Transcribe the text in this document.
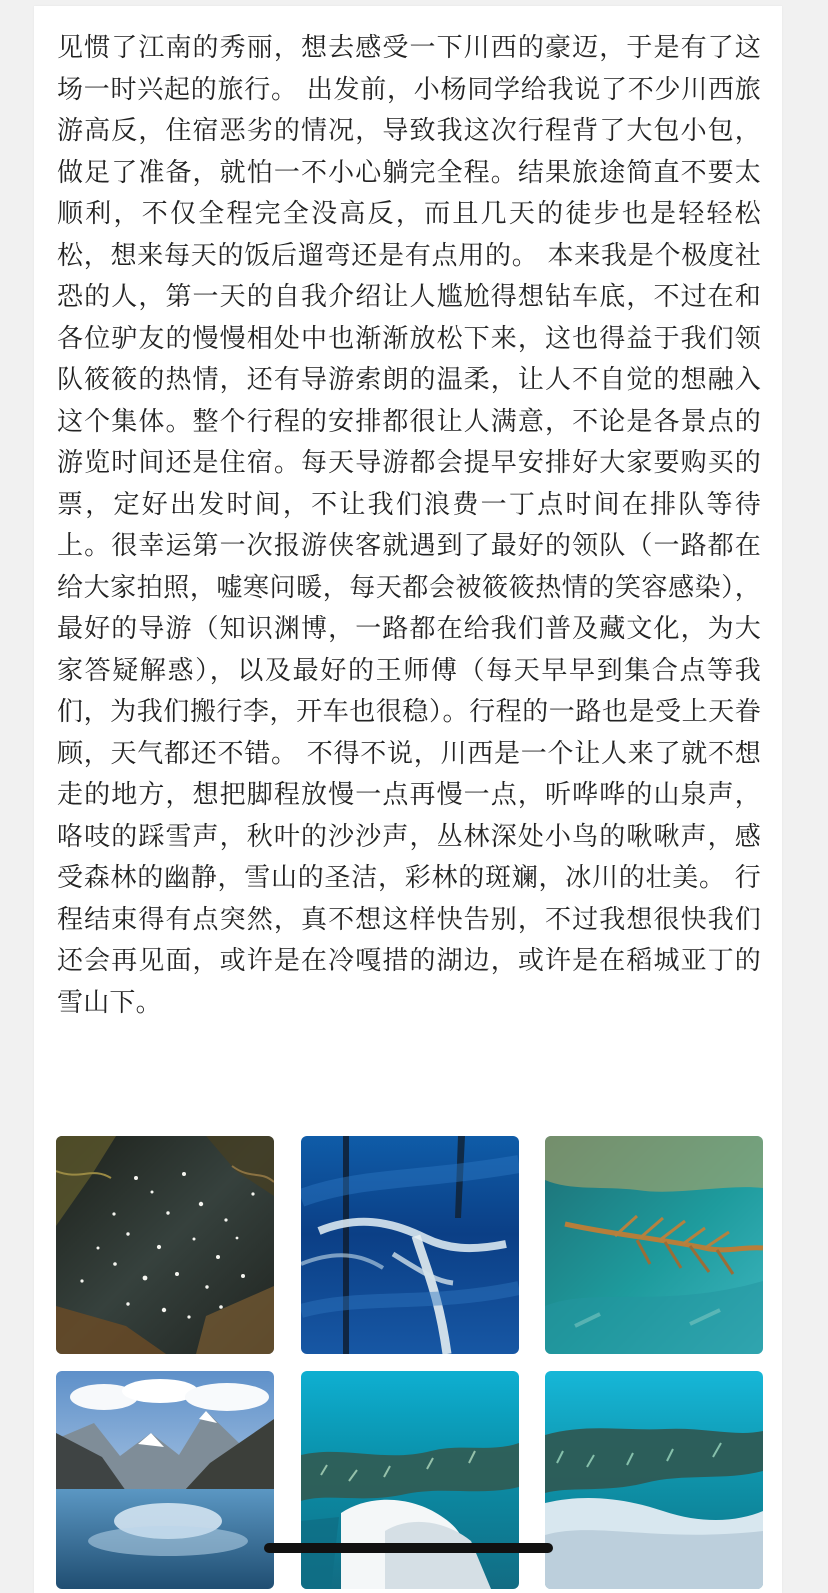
见惯了江南的秀丽，想去感受一下川西的豪迈，于是有了这场一时兴起的旅行。 出发前，小杨同学给我说了不少川西旅游高反，住宿恶劣的情况，导致我这次行程背了大包小包，做足了准备，就怕一不小心躺完全程。结果旅途简直不要太顺利，不仅全程完全没高反，而且几天的徒步也是轻轻松松，想来每天的饭后遛弯还是有点用的。 本来我是个极度社恐的人，第一天的自我介绍让人尴尬得想钻车底，不过在和各位驴友的慢慢相处中也渐渐放松下来，这也得益于我们领队筱筱的热情，还有导游索朗的温柔，让人不自觉的想融入这个集体。整个行程的安排都很让人满意，不论是各景点的游览时间还是住宿。每天导游都会提早安排好大家要购买的票，定好出发时间，不让我们浪费一丁点时间在排队等待上。很幸运第一次报游侠客就遇到了最好的领队（一路都在给大家拍照，嘘寒问暖，每天都会被筱筱热情的笑容感染），最好的导游（知识渊博，一路都在给我们普及藏文化，为大家答疑解惑），以及最好的王师傅（每天早早到集合点等我们，为我们搬行李，开车也很稳）。行程的一路也是受上天眷顾，天气都还不错。 不得不说，川西是一个让人来了就不想走的地方，想把脚程放慢一点再慢一点，听哗哗的山泉声，咯吱的踩雪声，秋叶的沙沙声，丛林深处小鸟的啾啾声，感受森林的幽静，雪山的圣洁，彩林的斑斓，冰川的壮美。 行程结束得有点突然，真不想这样快告别，不过我想很快我们还会再见面，或许是在冷嘎措的湖边，或许是在稻城亚丁的雪山下。
